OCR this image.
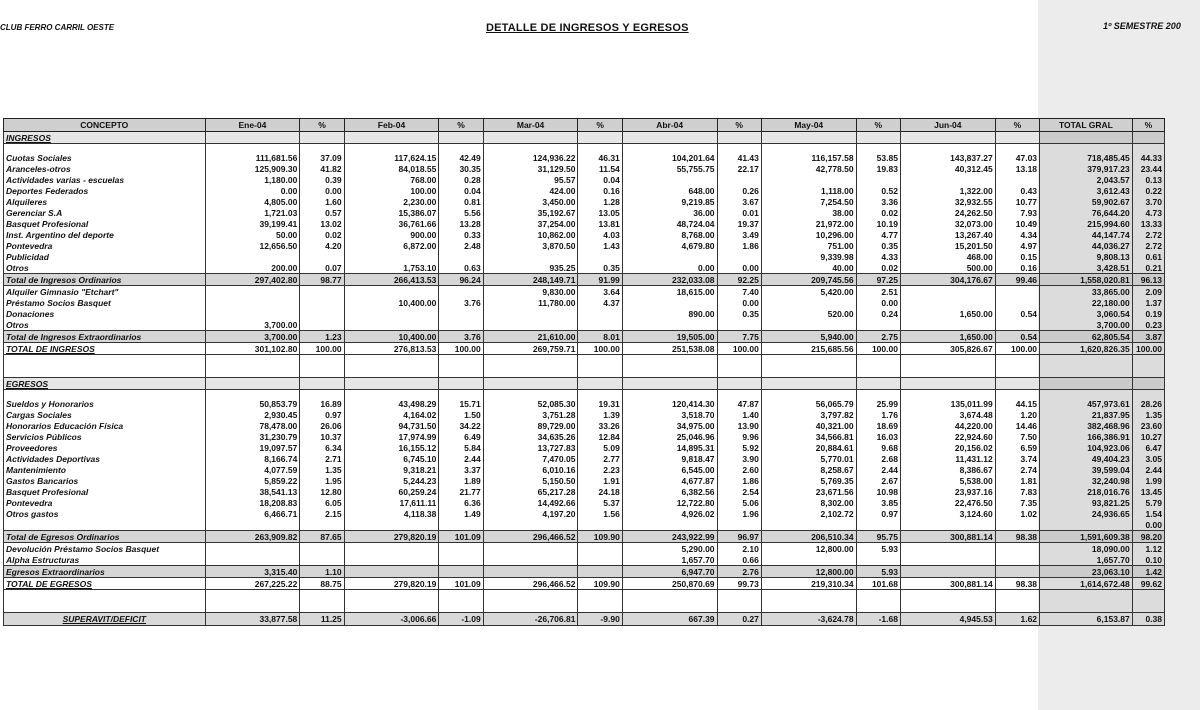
CLUB FERRO CARRIL OESTE	DETALLE DE INGRESOS Y EGRESOS	1º SEMESTRE 200
CONCEPTO	Ene-04	%	Feb-04	%	Mar-04	%	Abr-04	%	May-04	%	Jun-04	%	TOTAL GRAL	%
INGRESOS														

Cuotas Sociales	111,681.56	37.09	117,624.15	42.49	124,936.22	46.31	104,201.64	41.43	116,157.58	53.85	143,837.27	47.03	718,485.45	44.33
Aranceles-otros	125,909.30	41.82	84,018.55	30.35	31,129.50	11.54	55,755.75	22.17	42,778.50	19.83	40,312.45	13.18	379,917.23	23.44
Actividades varias - escuelas	1,180.00	0.39	768.00	0.28	95.57	0.04							2,043.57	0.13
Deportes Federados	0.00	0.00	100.00	0.04	424.00	0.16	648.00	0.26	1,118.00	0.52	1,322.00	0.43	3,612.43	0.22
Alquileres	4,805.00	1.60	2,230.00	0.81	3,450.00	1.28	9,219.85	3.67	7,254.50	3.36	32,932.55	10.77	59,902.67	3.70
Gerenciar S.A	1,721.03	0.57	15,386.07	5.56	35,192.67	13.05	36.00	0.01	38.00	0.02	24,262.50	7.93	76,644.20	4.73
Basquet Profesional	39,199.41	13.02	36,761.66	13.28	37,254.00	13.81	48,724.04	19.37	21,972.00	10.19	32,073.00	10.49	215,994.60	13.33
Inst. Argentino del deporte	50.00	0.02	900.00	0.33	10,862.00	4.03	8,768.00	3.49	10,296.00	4.77	13,267.40	4.34	44,147.74	2.72
Pontevedra	12,656.50	4.20	6,872.00	2.48	3,870.50	1.43	4,679.80	1.86	751.00	0.35	15,201.50	4.97	44,036.27	2.72
Publicidad									9,339.98	4.33	468.00	0.15	9,808.13	0.61
Otros	200.00	0.07	1,753.10	0.63	935.25	0.35	0.00	0.00	40.00	0.02	500.00	0.16	3,428.51	0.21
Total de Ingresos Ordinarios	297,402.80	98.77	266,413.53	96.24	248,149.71	91.99	232,033.08	92.25	209,745.56	97.25	304,176.67	99.46	1,558,020.81	96.13
Alquiler Gimnasio "Etchart"					9,830.00	3.64	18,615.00	7.40	5,420.00	2.51			33,865.00	2.09
Préstamo Socios Basquet			10,400.00	3.76	11,780.00	4.37		0.00		0.00			22,180.00	1.37
Donaciones							890.00	0.35	520.00	0.24	1,650.00	0.54	3,060.54	0.19
Otros	3,700.00												3,700.00	0.23
Total de Ingresos Extraordinarios	3,700.00	1.23	10,400.00	3.76	21,610.00	8.01	19,505.00	7.75	5,940.00	2.75	1,650.00	0.54	62,805.54	3.87
TOTAL DE INGRESOS	301,102.80	100.00	276,813.53	100.00	269,759.71	100.00	251,538.08	100.00	215,685.56	100.00	305,826.67	100.00	1,620,826.35	100.00

EGRESOS														

Sueldos y Honorarios	50,853.79	16.89	43,498.29	15.71	52,085.30	19.31	120,414.30	47.87	56,065.79	25.99	135,011.99	44.15	457,973.61	28.26
Cargas Sociales	2,930.45	0.97	4,164.02	1.50	3,751.28	1.39	3,518.70	1.40	3,797.82	1.76	3,674.48	1.20	21,837.95	1.35
Honorarios Educación Física	78,478.00	26.06	94,731.50	34.22	89,729.00	33.26	34,975.00	13.90	40,321.00	18.69	44,220.00	14.46	382,468.96	23.60
Servicios Públicos	31,230.79	10.37	17,974.99	6.49	34,635.26	12.84	25,046.96	9.96	34,566.81	16.03	22,924.60	7.50	166,386.91	10.27
Proveedores	19,097.57	6.34	16,155.12	5.84	13,727.83	5.09	14,895.31	5.92	20,884.61	9.68	20,156.02	6.59	104,923.06	6.47
Actividades Deportivas	8,166.74	2.71	6,745.10	2.44	7,470.05	2.77	9,818.47	3.90	5,770.01	2.68	11,431.12	3.74	49,404.23	3.05
Mantenimiento	4,077.59	1.35	9,318.21	3.37	6,010.16	2.23	6,545.00	2.60	8,258.67	2.44	8,386.67	2.74	39,599.04	2.44
Gastos Bancarios	5,859.22	1.95	5,244.23	1.89	5,150.50	1.91	4,677.87	1.86	5,769.35	2.67	5,538.00	1.81	32,240.98	1.99
Basquet Profesional	38,541.13	12.80	60,259.24	21.77	65,217.28	24.18	6,382.56	2.54	23,671.56	10.98	23,937.16	7.83	218,016.76	13.45
Pontevedra	18,208.83	6.05	17,611.11	6.36	14,492.66	5.37	12,722.80	5.06	8,302.00	3.85	22,476.50	7.35	93,821.25	5.79
Otros gastos	6,466.71	2.15	4,118.38	1.49	4,197.20	1.56	4,926.02	1.96	2,102.72	0.97	3,124.60	1.02	24,936.65	1.54
														0.00
Total de Egresos Ordinarios	263,909.82	87.65	279,820.19	101.09	296,466.52	109.90	243,922.99	96.97	206,510.34	95.75	300,881.14	98.38	1,591,609.38	98.20
Devolución Préstamo Socios Basquet							5,290.00	2.10	12,800.00	5.93			18,090.00	1.12
Alpha Estructuras							1,657.70	0.66					1,657.70	0.10
Egresos Extraordinarios	3,315.40	1.10					6,947.70	2.76	12,800.00	5.93			23,063.10	1.42
TOTAL DE EGRESOS	267,225.22	88.75	279,820.19	101.09	296,466.52	109.90	250,870.69	99.73	219,310.34	101.68	300,881.14	98.38	1,614,672.48	99.62

SUPERAVIT/DEFICIT	33,877.58	11.25	-3,006.66	-1.09	-26,706.81	-9.90	667.39	0.27	-3,624.78	-1.68	4,945.53	1.62	6,153.87	0.38
